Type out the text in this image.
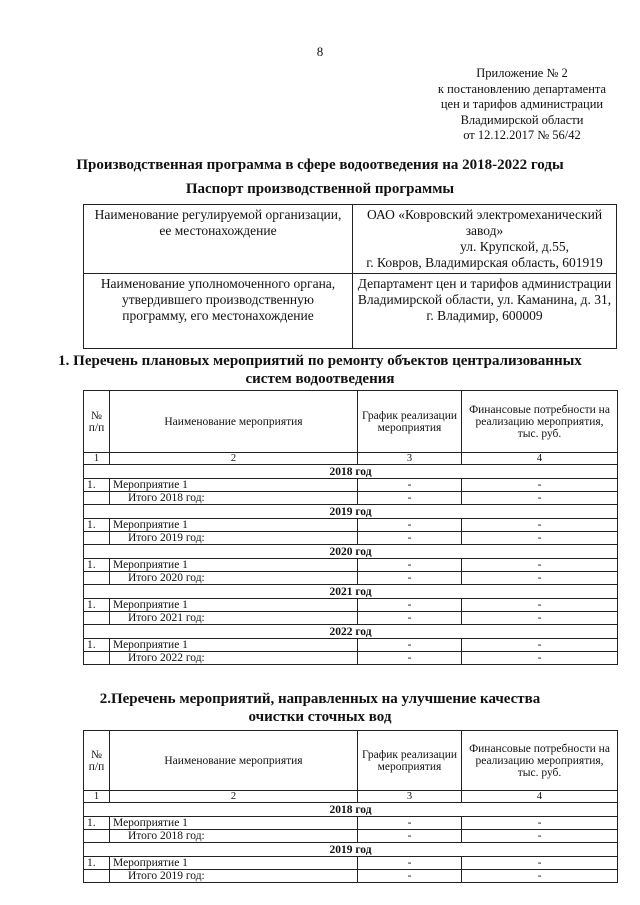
8
Приложение № 2
к постановлению департамента
цен и тарифов администрации
Владимирской области
от 12.12.2017 № 56/42
Производственная программа в сфере водоотведения на 2018-2022 годы
Паспорт производственной программы
Наименование регулируемой организации, ее местонахождение	ОАО «Ковровский электромеханический завод»
ул. Крупской, д.55,
г. Ковров, Владимирская область, 601919

Наименование уполномоченного органа, утвердившего производственную программу, его местонахождение	Департамент цен и тарифов администрации Владимирской области, ул. Каманина, д. 31, г. Владимир, 600009
1. Перечень плановых мероприятий по ремонту объектов централизованных
систем водоотведения
№ п/п	Наименование мероприятия	График реализации мероприятия	Финансовые потребности на реализацию мероприятия, тыс. руб.
1	2	3	4
2018 год			
1.	Мероприятие 1	-	-
	Итого 2018 год:	-	-
2019 год			
1.	Мероприятие 1	-	-
	Итого 2019 год:	-	-
2020 год			
1.	Мероприятие 1	-	-
	Итого 2020 год:	-	-
2021 год			
1.	Мероприятие 1	-	-
	Итого 2021 год:	-	-
2022 год			
1.	Мероприятие 1	-	-
	Итого 2022 год:	-	-
2.Перечень мероприятий, направленных на улучшение качества
очистки сточных вод
№ п/п	Наименование мероприятия	График реализации мероприятия	Финансовые потребности на реализацию мероприятия, тыс. руб.
1	2	3	4
2018 год			
1.	Мероприятие 1	-	-
	Итого 2018 год:	-	-
2019 год			
1.	Мероприятие 1	-	-
	Итого 2019 год:	-	-
